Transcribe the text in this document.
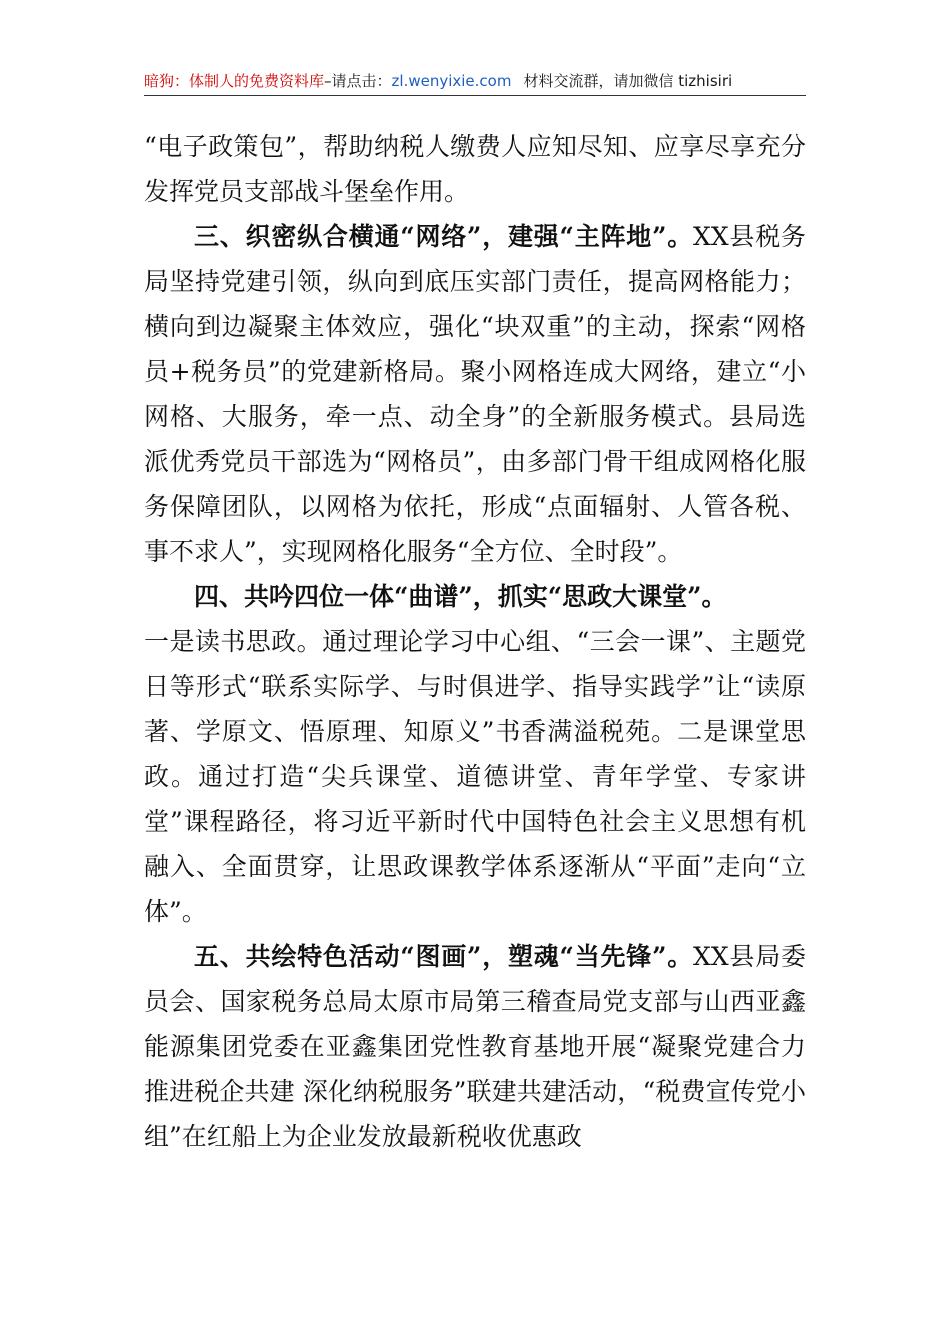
暗狗：体制人的免费资料库–请点击：zl.wenyixie.com 材料交流群，请加微信 tizhisiri

“电子政策包”，帮助纳税人缴费人应知尽知、应享尽享充分发挥党员支部战斗堡垒作用。

三、织密纵合横通“网络”，建强“主阵地”。XX县税务局坚持党建引领，纵向到底压实部门责任，提高网格能力；横向到边凝聚主体效应，强化“块双重”的主动，探索“网格员+税务员”的党建新格局。聚小网格连成大网络，建立“小网格、大服务，牵一点、动全身”的全新服务模式。县局选派优秀党员干部选为“网格员”，由多部门骨干组成网格化服务保障团队，以网格为依托，形成“点面辐射、人管各税、事不求人”，实现网格化服务“全方位、全时段”。

四、共吟四位一体“曲谱”，抓实“思政大课堂”。

一是读书思政。通过理论学习中心组、“三会一课”、主题党日等形式“联系实际学、与时俱进学、指导实践学”让“读原著、学原文、悟原理、知原义”书香满溢税苑。二是课堂思政。通过打造“尖兵课堂、道德讲堂、青年学堂、专家讲堂”课程路径，将习近平新时代中国特色社会主义思想有机融入、全面贯穿，让思政课教学体系逐渐从“平面”走向“立体”。

五、共绘特色活动“图画”，塑魂“当先锋”。XX县局委员会、国家税务总局太原市局第三稽查局党支部与山西亚鑫能源集团党委在亚鑫集团党性教育基地开展“凝聚党建合力 推进税企共建 深化纳税服务”联建共建活动，“税费宣传党小组”在红船上为企业发放最新税收优惠政
